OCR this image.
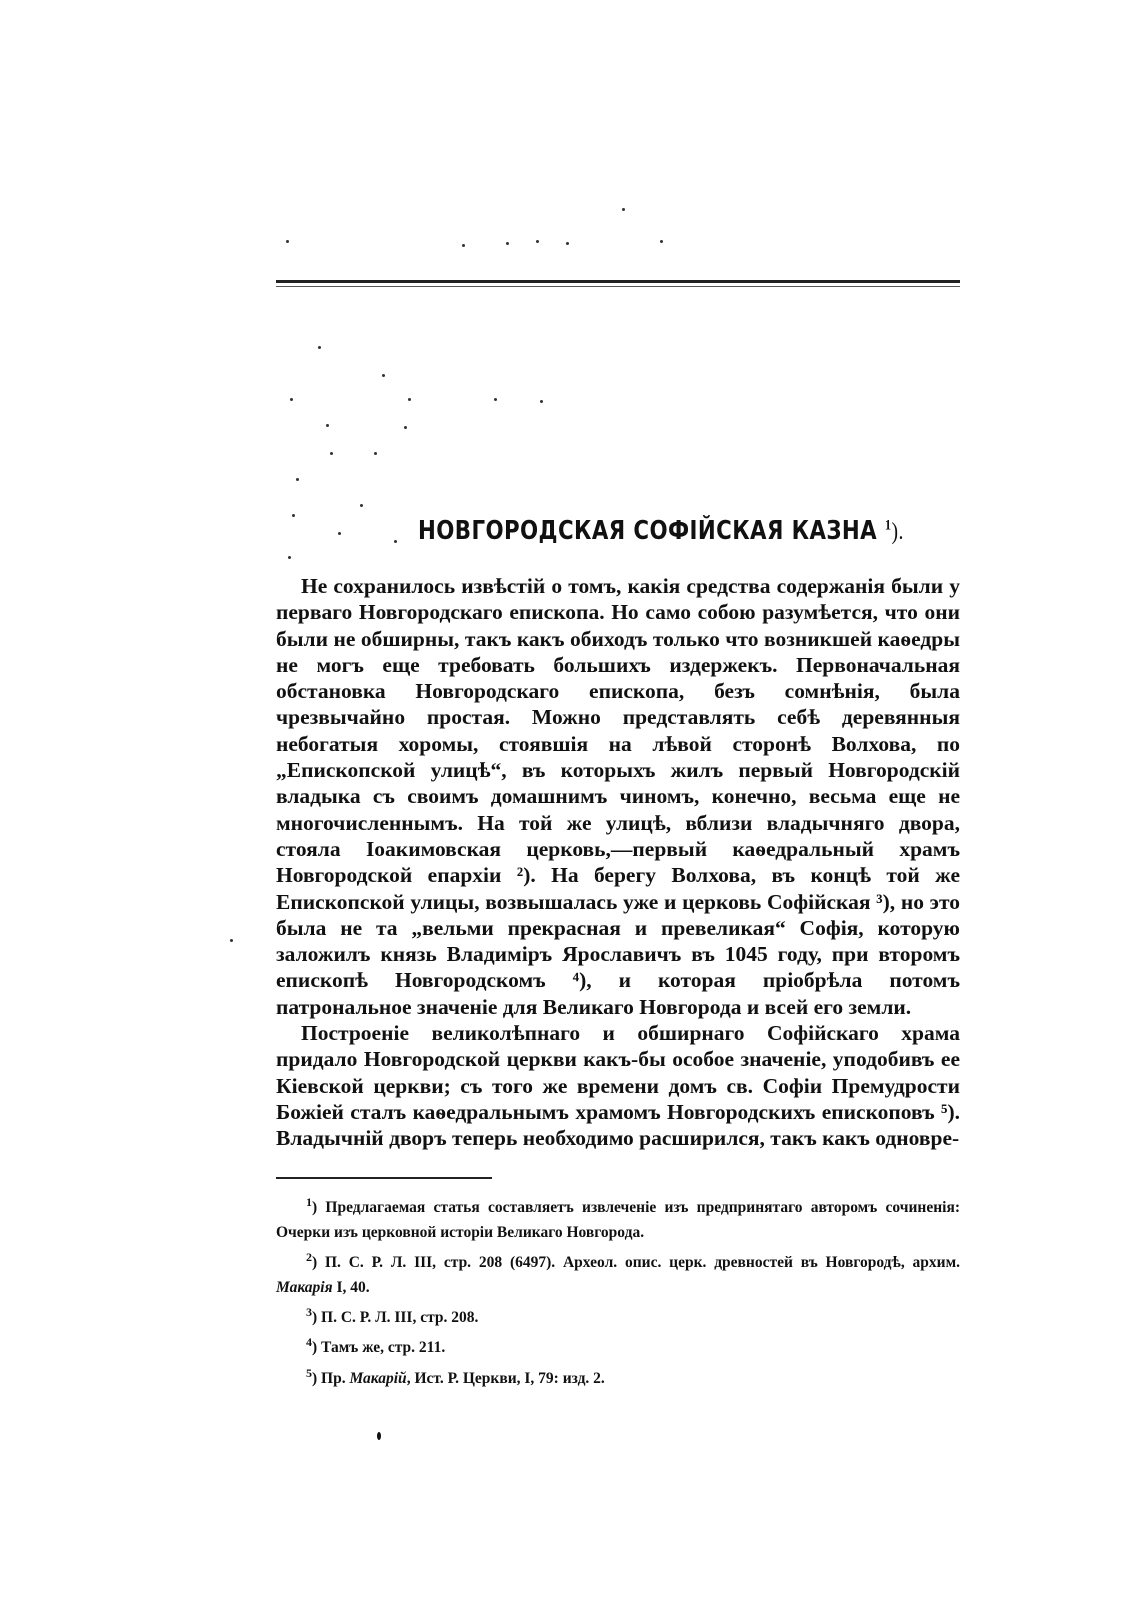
НОВГОРОДСКАЯ СОФІЙСКАЯ КАЗНА $^1$).

Не сохранилось извѣстій о томъ, какія средства содержанія были у перваго Новгородскаго епископа. Но само собою разумѣется, что они были не обширны, такъ какъ обиходъ только что возникшей каѳедры не могъ еще требовать большихъ издержекъ. Первоначальная обстановка Новгородскаго епископа, безъ сомнѣнія, была чрезвычайно простая. Можно представлять себѣ деревянныя небогатыя хоромы, стоявшія на лѣвой сторонѣ Волхова, по „Епископской улицѣ“, въ которыхъ жилъ первый Новгородскій владыка съ своимъ домашнимъ чиномъ, конечно, весьма еще не многочисленнымъ. На той же улицѣ, вблизи владычняго двора, стояла Іоакимовская церковь,—первый каѳедральный храмъ Новгородской епархіи ²). На берегу Волхова, въ концѣ той же Епископской улицы, возвышалась уже и церковь Софійская ³), но это была не та „вельми прекрасная и превеликая“ Софія, которую заложилъ князь Владиміръ Ярославичъ въ 1045 году, при второмъ епископѣ Новгородскомъ ⁴), и которая пріобрѣла потомъ патрональное значеніе для Великаго Новгорода и всей его земли.

Построеніе великолѣпнаго и обширнаго Софійскаго храма придало Новгородской церкви какъ-бы особое значеніе, уподобивъ ее Кіевской церкви; съ того же времени домъ св. Софіи Премудрости Божіей сталъ каѳедральнымъ храмомъ Новгородскихъ епископовъ ⁵). Владычній дворъ теперь необходимо расширился, такъ какъ одновре-

$^1$) Предлагаемая статья составляетъ извлеченіе изъ предпринятаго авторомъ сочиненія: Очерки изъ церковной исторіи Великаго Новгорода.

$^2$) П. С. Р. Л. III, стр. 208 (6497). Археол. опис. церк. древностей въ Новгородѣ, архим. Макарія I, 40.

$^3$) П. С. Р. Л. III, стр. 208.

$^4$) Тамъ же, стр. 211.

$^5$) Пр. Макарій, Ист. Р. Церкви, I, 79: изд. 2.
